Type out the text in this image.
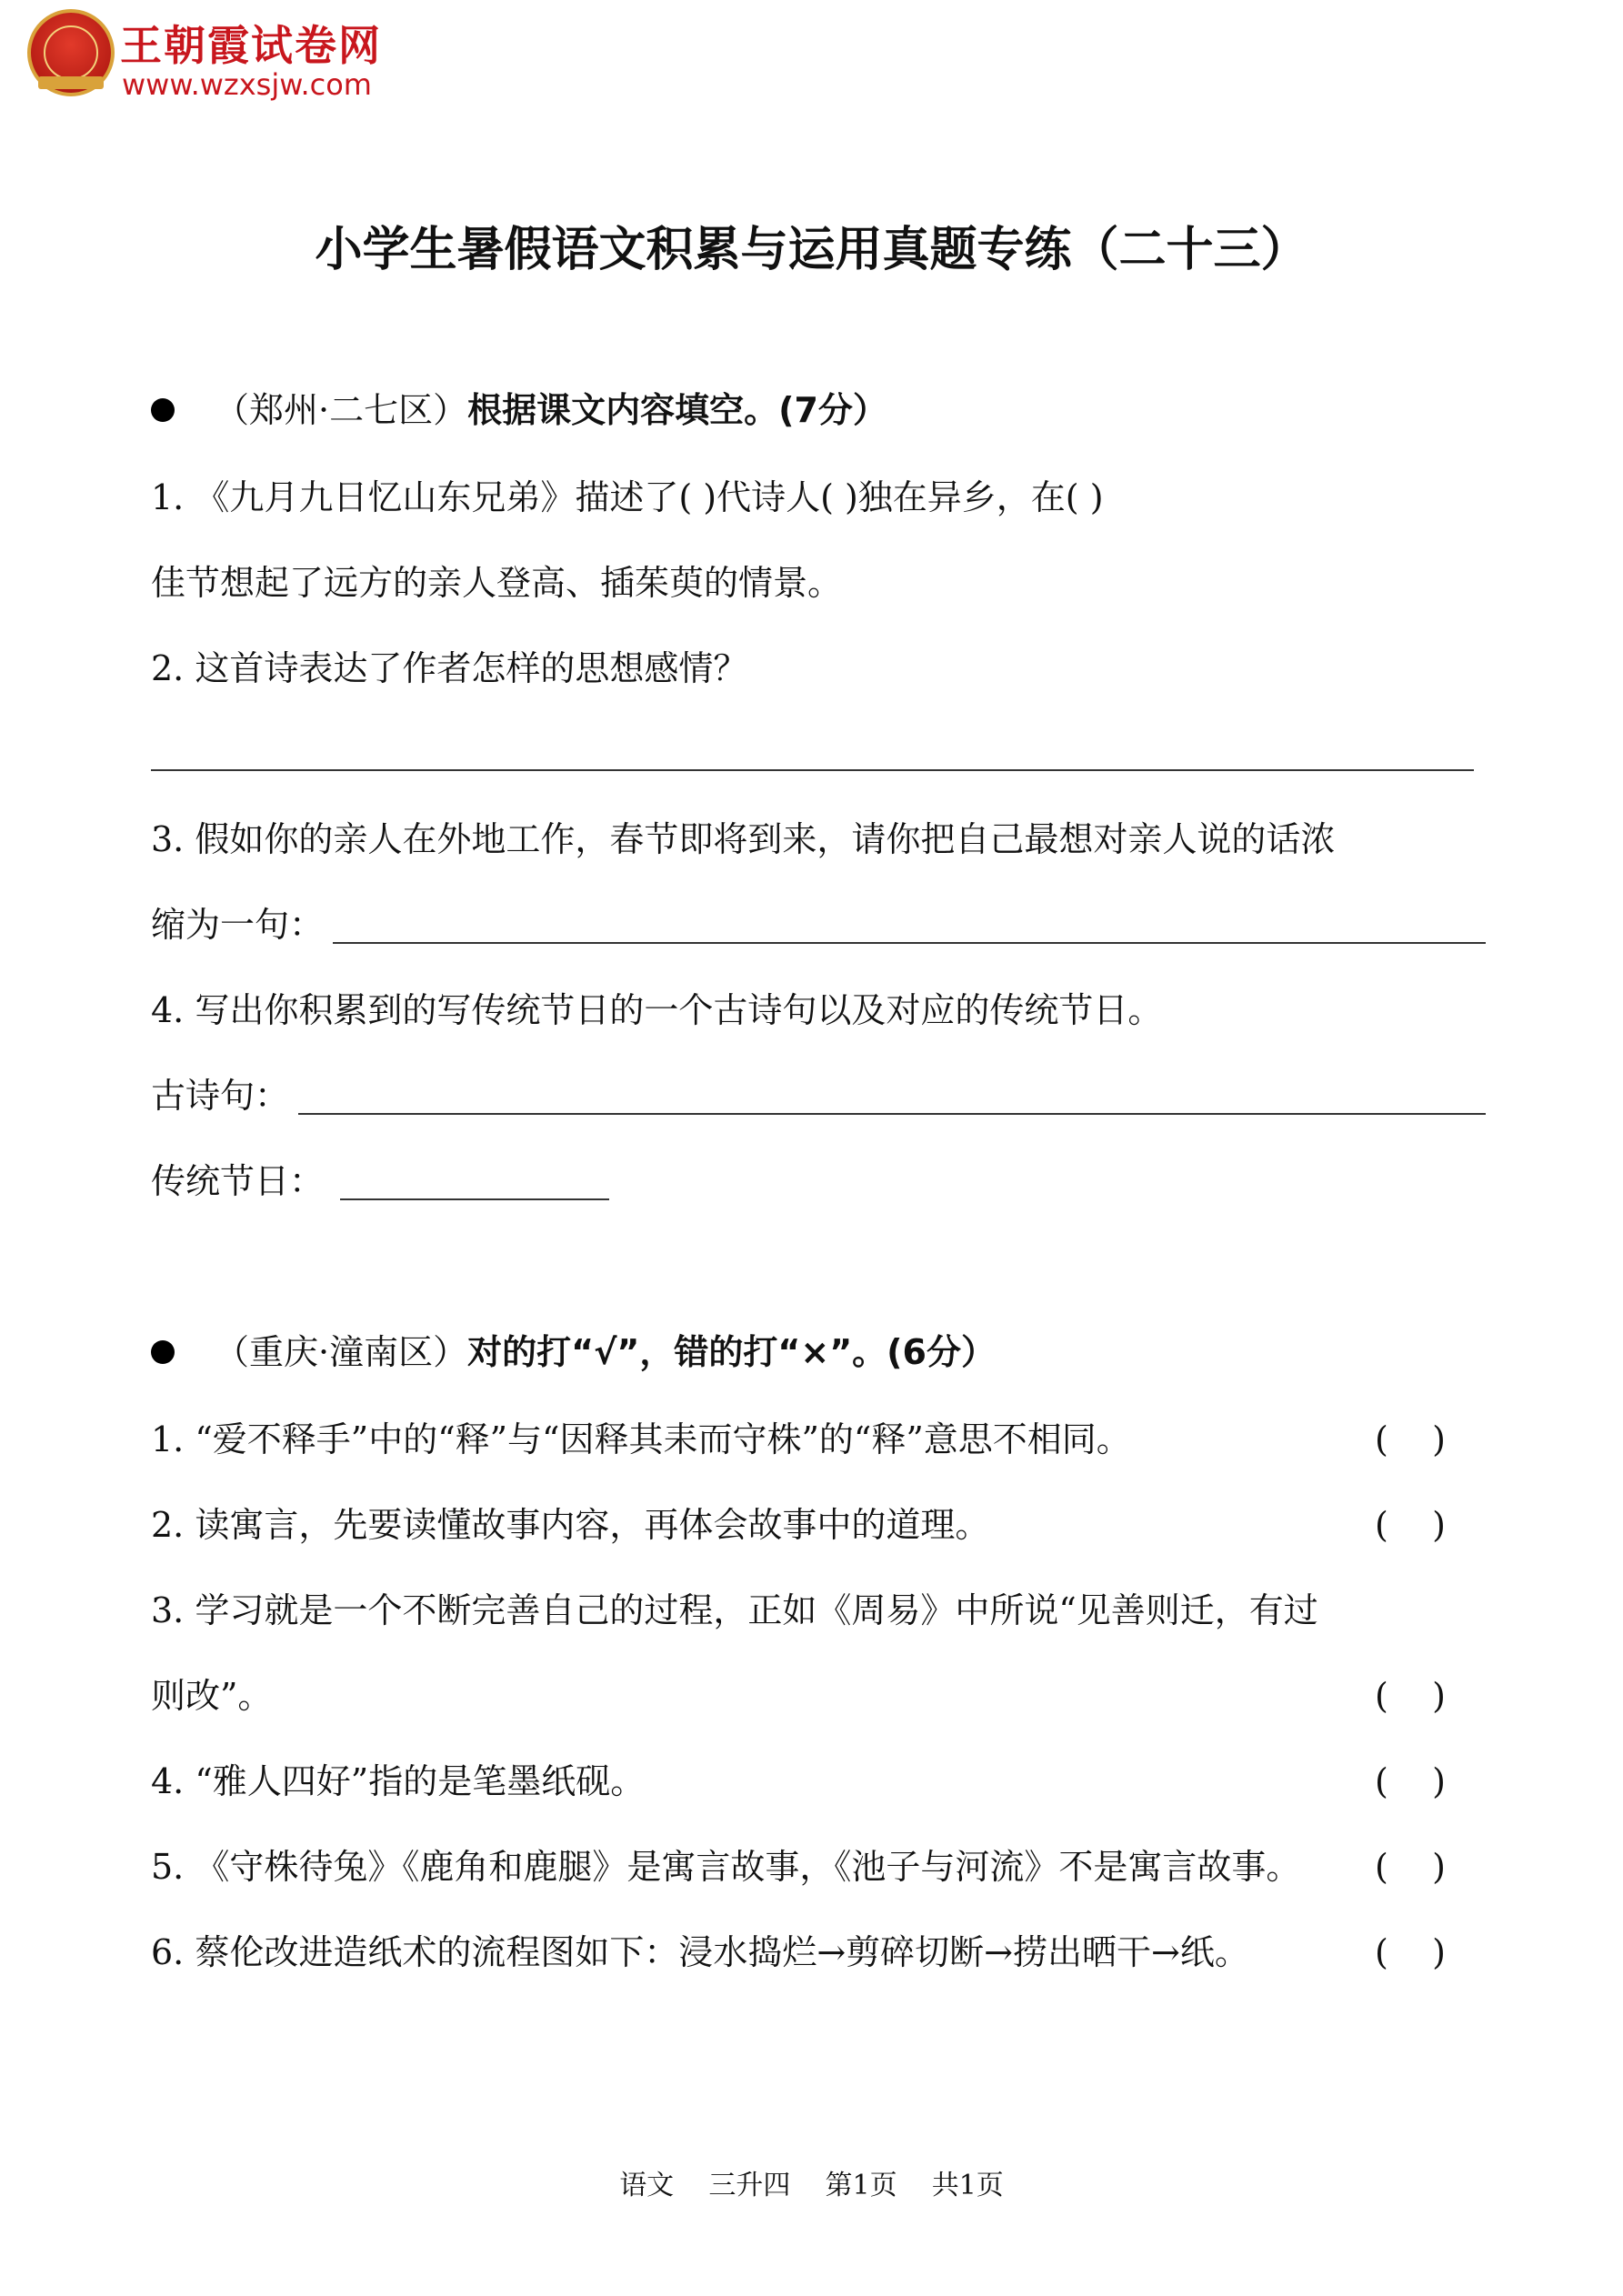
王朝霞试卷网
www.wzxsjw.com
小学生暑假语文积累与运用真题专练（二十三）
（郑州·二七区）根据课文内容填空。(7分）
1. 《九月九日忆山东兄弟》描述了( )代诗人( )独在异乡，在( )
佳节想起了远方的亲人登高、插茱萸的情景。
2. 这首诗表达了作者怎样的思想感情？
3. 假如你的亲人在外地工作，春节即将到来，请你把自己最想对亲人说的话浓
缩为一句：
4. 写出你积累到的写传统节日的一个古诗句以及对应的传统节日。
古诗句：
传统节日：
（重庆·潼南区）对的打“√”，错的打“×”。(6分）
1. “爱不释手”中的“释”与“因释其耒而守株”的“释”意思不相同。	(    )
2. 读寓言，先要读懂故事内容，再体会故事中的道理。	(    )
3. 学习就是一个不断完善自己的过程，正如《周易》中所说“见善则迁，有过
则改”。	(    )
4. “雅人四好”指的是笔墨纸砚。	(    )
5. 《守株待兔》《鹿角和鹿腿》是寓言故事，《池子与河流》不是寓言故事。 (    )
6. 蔡伦改进造纸术的流程图如下：浸水捣烂→剪碎切断→捞出晒干→纸。	(    )
语文    三升四    第1页    共1页
